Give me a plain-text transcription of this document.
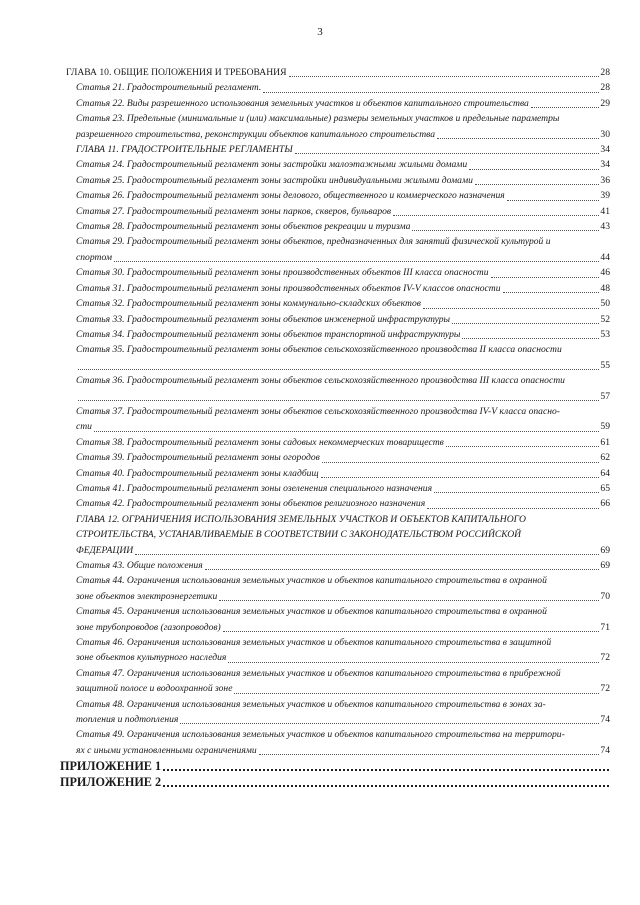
3
ГЛАВА 10. ОБЩИЕ ПОЛОЖЕНИЯ И ТРЕБОВАНИЯ	28
Статья 21. Градостроительный регламент.	28
Статья 22. Виды разрешенного использования земельных участков и объектов капитального строительства	29
Статья 23. Предельные (минимальные и (или) максимальные) размеры земельных участков и предельные параметры
разрешенного строительства, реконструкции объектов капитального строительства	30
ГЛАВА 11. ГРАДОСТРОИТЕЛЬНЫЕ РЕГЛАМЕНТЫ	34
Статья 24. Градостроительный регламент зоны застройки малоэтажными жилыми домами	34
Статья 25. Градостроительный регламент зоны застройки индивидуальными жилыми домами	36
Статья 26. Градостроительный регламент зоны делового, общественного и коммерческого назначения	39
Статья 27. Градостроительный регламент зоны парков, скверов, бульваров	41
Статья 28. Градостроительный регламент зоны объектов рекреации и туризма	43
Статья 29. Градостроительный регламент зоны объектов, предназначенных для занятий физической культурой и
спортом	44
Статья 30. Градостроительный регламент зоны производственных объектов III класса опасности	46
Статья 31. Градостроительный регламент зоны производственных объектов IV-V классов опасности	48
Статья 32. Градостроительный регламент зоны коммунально-складских объектов	50
Статья 33. Градостроительный регламент зоны объектов инженерной инфраструктуры	52
Статья 34. Градостроительный регламент зоны объектов транспортной инфраструктуры	53
Статья 35. Градостроительный регламент зоны объектов сельскохозяйственного производства II класса опасности
55
Статья 36. Градостроительный регламент зоны объектов сельскохозяйственного производства III класса опасности
57
Статья 37. Градостроительный регламент зоны объектов сельскохозяйственного производства IV-V класса опасно-
сти	59
Статья 38. Градостроительный регламент зоны садовых некоммерческих товариществ	61
Статья 39. Градостроительный регламент зоны огородов	62
Статья 40. Градостроительный регламент зоны кладбищ	64
Статья 41. Градостроительный регламент зоны озеленения специального назначения	65
Статья 42. Градостроительный регламент зоны объектов религиозного назначения	66
ГЛАВА 12. ОГРАНИЧЕНИЯ ИСПОЛЬЗОВАНИЯ ЗЕМЕЛЬНЫХ УЧАСТКОВ И ОБЪЕКТОВ КАПИТАЛЬНОГО
СТРОИТЕЛЬСТВА, УСТАНАВЛИВАЕМЫЕ В СООТВЕТСТВИИ С ЗАКОНОДАТЕЛЬСТВОМ РОССИЙСКОЙ
ФЕДЕРАЦИИ	69
Статья 43. Общие положения	69
Статья 44. Ограничения использования земельных участков и объектов капитального строительства в охранной
зоне объектов электроэнергетики	70
Статья 45. Ограничения использования земельных участков и объектов капитального строительства в охранной
зоне трубопроводов (газопроводов)	71
Статья 46. Ограничения использования земельных участков и объектов капитального строительства в защитной
зоне объектов культурного наследия	72
Статья 47. Ограничения использования земельных участков и объектов капитального строительства в прибрежной
защитной полосе и водоохранной зоне	72
Статья 48. Ограничения использования земельных участков и объектов капитального строительства в зонах за-
топления и подтопления	74
Статья 49. Ограничения использования земельных участков и объектов капитального строительства на территори-
ях с иными установленными ограничениями	74
ПРИЛОЖЕНИЕ 1
ПРИЛОЖЕНИЕ 2
